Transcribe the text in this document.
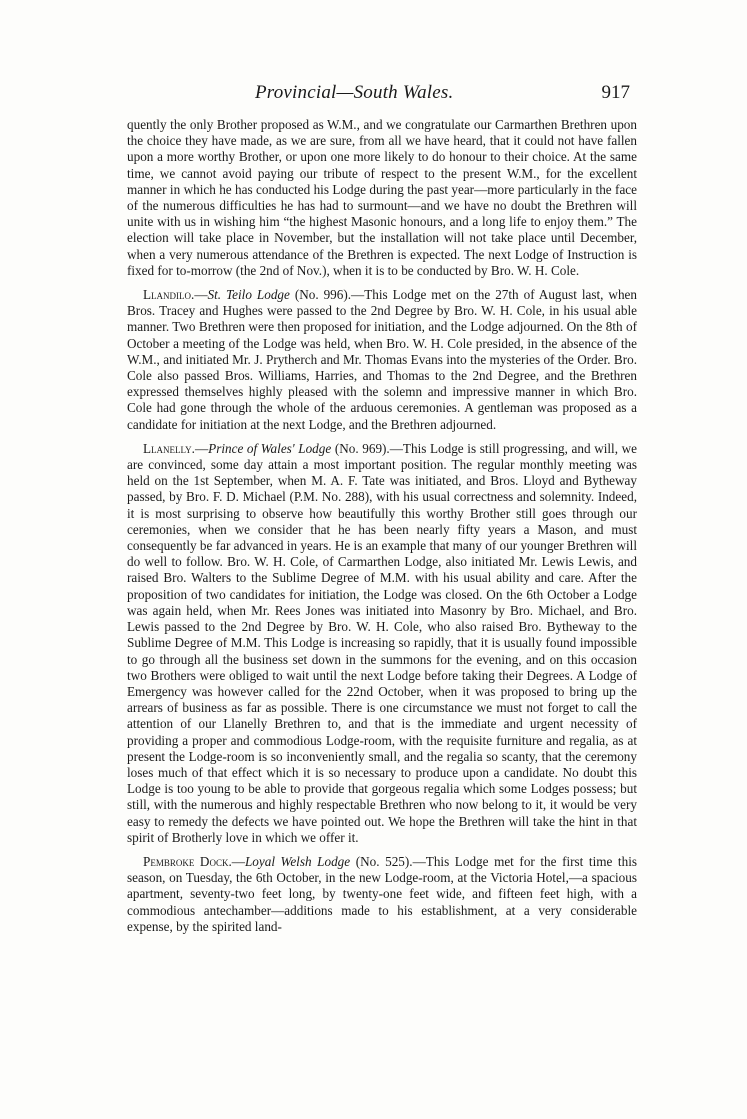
Provincial—South Wales.	917

quently the only Brother proposed as W.M., and we congratulate our Carmarthen Brethren upon the choice they have made, as we are sure, from all we have heard, that it could not have fallen upon a more worthy Brother, or upon one more likely to do honour to their choice. At the same time, we cannot avoid paying our tribute of respect to the present W.M., for the excellent manner in which he has conducted his Lodge during the past year—more particularly in the face of the numerous difficulties he has had to surmount—and we have no doubt the Brethren will unite with us in wishing him “the highest Masonic honours, and a long life to enjoy them.” The election will take place in November, but the installation will not take place until December, when a very numerous attendance of the Brethren is expected. The next Lodge of Instruction is fixed for to-morrow (the 2nd of Nov.), when it is to be conducted by Bro. W. H. Cole.

Llandilo.—St. Teilo Lodge (No. 996).—This Lodge met on the 27th of August last, when Bros. Tracey and Hughes were passed to the 2nd Degree by Bro. W. H. Cole, in his usual able manner. Two Brethren were then proposed for initiation, and the Lodge adjourned. On the 8th of October a meeting of the Lodge was held, when Bro. W. H. Cole presided, in the absence of the W.M., and initiated Mr. J. Prytherch and Mr. Thomas Evans into the mysteries of the Order. Bro. Cole also passed Bros. Williams, Harries, and Thomas to the 2nd Degree, and the Brethren expressed themselves highly pleased with the solemn and impressive manner in which Bro. Cole had gone through the whole of the arduous ceremonies. A gentleman was proposed as a candidate for initiation at the next Lodge, and the Brethren adjourned.

Llanelly.—Prince of Wales' Lodge (No. 969).—This Lodge is still progressing, and will, we are convinced, some day attain a most important position. The regular monthly meeting was held on the 1st September, when M. A. F. Tate was initiated, and Bros. Lloyd and Bytheway passed, by Bro. F. D. Michael (P.M. No. 288), with his usual correctness and solemnity. Indeed, it is most surprising to observe how beautifully this worthy Brother still goes through our ceremonies, when we consider that he has been nearly fifty years a Mason, and must consequently be far advanced in years. He is an example that many of our younger Brethren will do well to follow. Bro. W. H. Cole, of Carmarthen Lodge, also initiated Mr. Lewis Lewis, and raised Bro. Walters to the Sublime Degree of M.M. with his usual ability and care. After the proposition of two candidates for initiation, the Lodge was closed. On the 6th October a Lodge was again held, when Mr. Rees Jones was initiated into Masonry by Bro. Michael, and Bro. Lewis passed to the 2nd Degree by Bro. W. H. Cole, who also raised Bro. Bytheway to the Sublime Degree of M.M. This Lodge is increasing so rapidly, that it is usually found impossible to go through all the business set down in the summons for the evening, and on this occasion two Brothers were obliged to wait until the next Lodge before taking their Degrees. A Lodge of Emergency was however called for the 22nd October, when it was proposed to bring up the arrears of business as far as possible. There is one circumstance we must not forget to call the attention of our Llanelly Brethren to, and that is the immediate and urgent necessity of providing a proper and commodious Lodge-room, with the requisite furniture and regalia, as at present the Lodge-room is so inconveniently small, and the regalia so scanty, that the ceremony loses much of that effect which it is so necessary to produce upon a candidate. No doubt this Lodge is too young to be able to provide that gorgeous regalia which some Lodges possess; but still, with the numerous and highly respectable Brethren who now belong to it, it would be very easy to remedy the defects we have pointed out. We hope the Brethren will take the hint in that spirit of Brotherly love in which we offer it.

Pembroke Dock.—Loyal Welsh Lodge (No. 525).—This Lodge met for the first time this season, on Tuesday, the 6th October, in the new Lodge-room, at the Victoria Hotel,—a spacious apartment, seventy-two feet long, by twenty-one feet wide, and fifteen feet high, with a commodious antechamber—additions made to his establishment, at a very considerable expense, by the spirited land-
